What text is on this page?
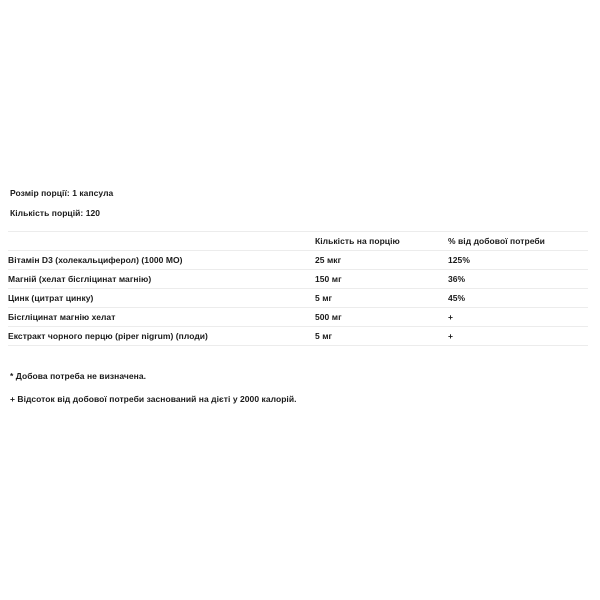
Розмір порції: 1 капсула

Кількість порцій: 120

	Кількість на порцію	% від добової потреби
Вітамін D3 (холекальциферол) (1000 МО)	25 мкг	125%
Магній (хелат бісгліцинат магнію)	150 мг	36%
Цинк (цитрат цинку)	5 мг	45%
Бісгліцинат магнію хелат	500 мг	+
Екстракт чорного перцю (piper nigrum) (плоди)	5 мг	+

* Добова потреба не визначена.

+ Відсоток від добової потреби заснований на дієті у 2000 калорій.
